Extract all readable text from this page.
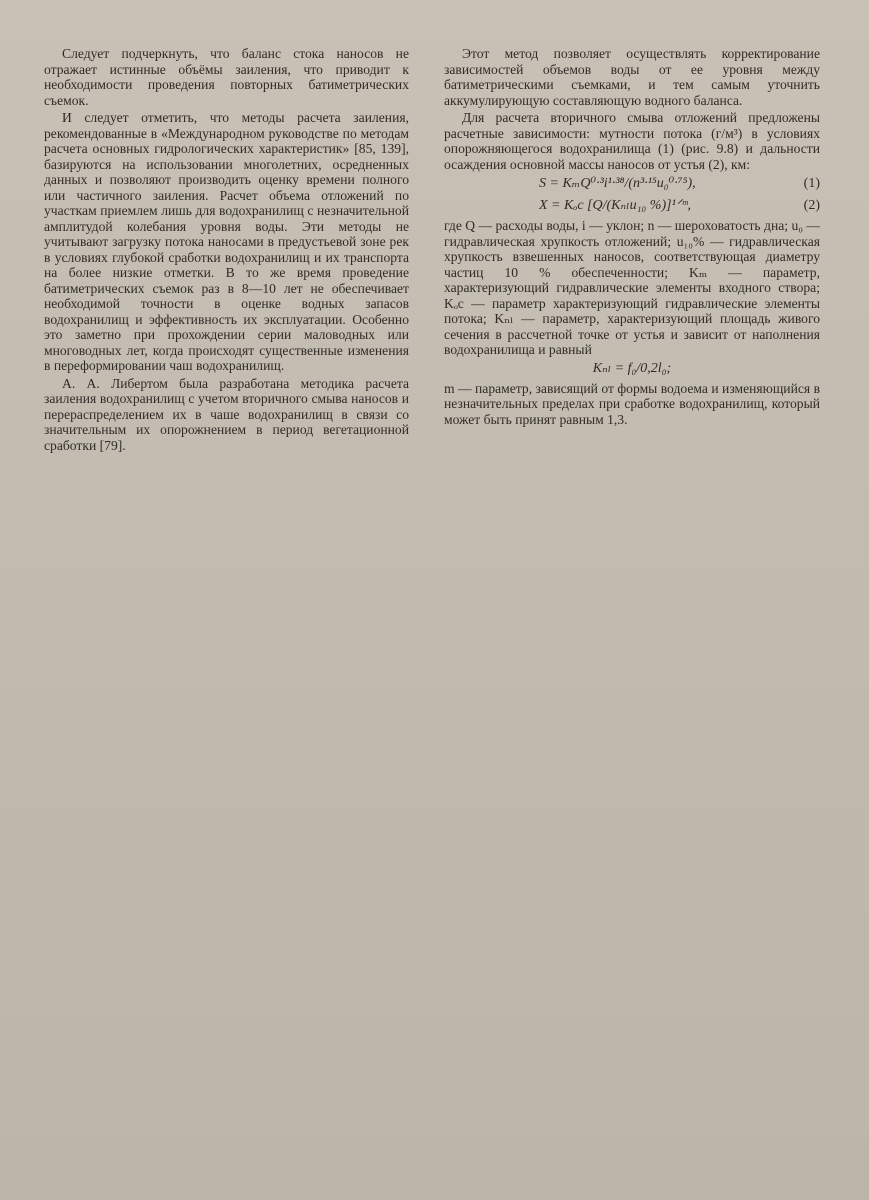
Следует подчеркнуть, что баланс стока наносов не отражает истинные объёмы заиления, что приводит к необходимости проведения повторных батиметрических съемок.

И следует отметить, что методы расчета заиления, рекомендованные в «Международном руководстве по методам расчета основных гидрологических характеристик» [85, 139], базируются на использовании многолетних, осредненных данных и позволяют производить оценку времени полного или частичного заиления. Расчет объема отложений по участкам приемлем лишь для водохранилищ с незначительной амплитудой колебания уровня воды. Эти методы не учитывают загрузку потока наносами в предустьевой зоне рек в условиях глубокой сработки водохранилищ и их транспорта на более низкие отметки. В то же время проведение батиметрических съемок раз в 8—10 лет не обеспечивает необходимой точности в оценке водных запасов водохранилищ и эффективность их эксплуатации. Особенно это заметно при прохождении серии маловодных или многоводных лет, когда происходят существенные изменения в переформировании чаш водохранилищ.

А. А. Либертом была разработана методика расчета заиления водохранилищ с учетом вторичного смыва наносов и перераспределением их в чаше водохранилищ в связи со значительным их опорожнением в период вегетационной сработки [79].

Этот метод позволяет осуществлять корректирование зависимостей объемов воды от ее уровня между батиметрическими съемками, и тем самым уточнить аккумулирующую составляющую водного баланса.

Для расчета вторичного смыва отложений предложены расчетные зависимости: мутности потока (г/м³) в условиях опорожняющегося водохранилища (1) (рис. 9.8) и дальности осаждения основной массы наносов от устья (2), км:

S = KₘQ⁰·³i¹·³⁸/(n³·¹⁵u₀⁰·⁷⁵),	(1)
X = Kₒc [Q/(Kₙₗu₁₀ %)]¹ᐟᵐ,	(2)

где Q — расходы воды, i — уклон; n — шероховатость дна; u₀ — гидравлическая хрупкость отложений; u₁₀% — гидравлическая хрупкость взвешенных наносов, соответствующая диаметру частиц 10 % обеспеченности; Kₘ — параметр, характеризующий гидравлические элементы входного створа; Kₒc — параметр характеризующий гидравлические элементы потока; Kₙₗ — параметр, характеризующий площадь живого сечения в рассчетной точке от устья и зависит от наполнения водохранилища и равный

Kₙₗ = f₀/0,2l₀;

m — параметр, зависящий от формы водоема и изменяющийся в незначительных пределах при сработке водохранилищ, который может быть принят равным 1,3.
